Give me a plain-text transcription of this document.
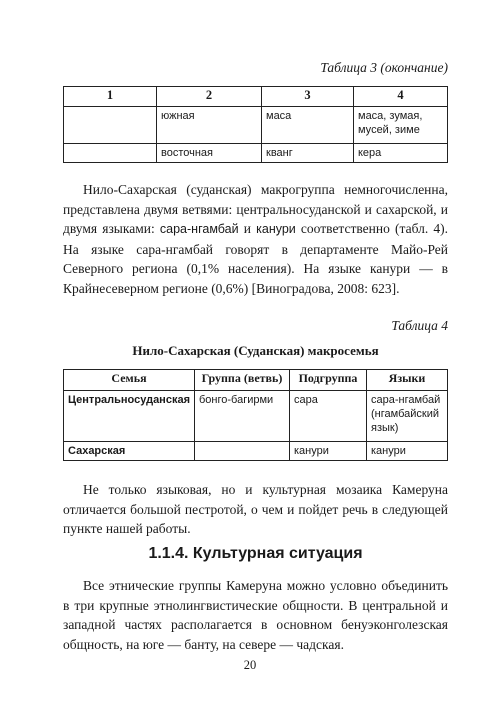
Таблица 3 (окончание)
1	2	3	4
	южная	маса	маса, зумая, мусей, зиме
	восточная	кванг	кера

Нило-Сахарская (суданская) макрогруппа немногочисленна, представлена двумя ветвями: центральносуданской и сахарской, и двумя языками: сара-нгамбай и канури соответственно (табл. 4). На языке сара-нгамбай говорят в департаменте Майо-Рей Северного региона (0,1% населения). На языке канури — в Крайнесеверном регионе (0,6%) [Виноградова, 2008: 623].

Таблица 4
Нило-Сахарская (Суданская) макросемья
Семья	Группа (ветвь)	Подгруппа	Языки
Центральносуданская	бонго-багирми	сара	сара-нгамбай (нгамбайский язык)
Сахарская		канури	канури

Не только языковая, но и культурная мозаика Камеруна отличается большой пестротой, о чем и пойдет речь в следующей пункте нашей работы.

1.1.4. Культурная ситуация

Все этнические группы Камеруна можно условно объединить в три крупные этнолингвистические общности. В центральной и западной частях располагается в основном бенуэконголезская общность, на юге — банту, на севере — чадская.

20
